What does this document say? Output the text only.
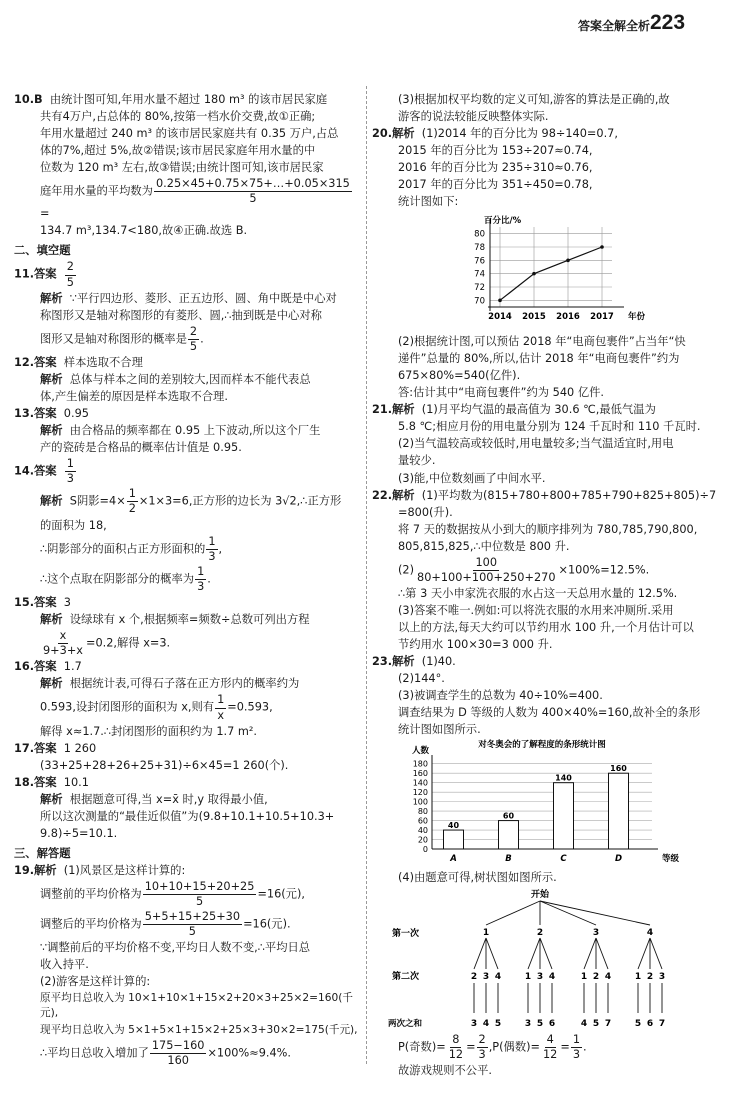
答案全解全析 223

10.B 由统计图可知,年用水量不超过 180 m³ 的该市居民家庭

共有4万户,占总体的 80%,按第一档水价交费,故①正确;

年用水量超过 240 m³ 的该市居民家庭共有 0.35 万户,占总

体的7%,超过 5%,故②错误;该市居民家庭年用水量的中

位数为 120 m³ 左右,故③错误;由统计图可知,该市居民家

庭年用水量的平均数为 $\frac{0.25\times 45+0.75\times 75+\dots+0.05\times 315}{5}$
=

134.7 m³,134.7<180,故④正确.故选 B.

二、填空题

11.答案 $\frac{2}{5}$

解析 ∵平行四边形、菱形、正五边形、圆、角中既是中心对

称图形又是轴对称图形的有菱形、圆,∴抽到既是中心对称

图形又是轴对称图形的概率是 $\frac{2}{5}$ .

12.答案 样本选取不合理

解析 总体与样本之间的差别较大,因而样本不能代表总

体,产生偏差的原因是样本选取不合理.

13.答案 0.95

解析 由合格品的频率都在 0.95 上下波动,所以这个厂生

产的瓷砖是合格品的概率估计值是 0.95.

14.答案 $\frac{1}{3}$

解析 S阴影$=4\times \frac{1}{2} \times 1\times 3=6$,正方形的边长为 3√2,∴正方形

的面积为 18,

∴阴影部分的面积占正方形面积的 $\frac{1}{3}$ ,

∴这个点取在阴影部分的概率为 $\frac{1}{3}$ .

15.答案 3

解析 设绿球有 x 个,根据频率=频数÷总数可列出方程

$\frac{x}{9+3+x} =0.2$,解得 x=3.

16.答案 1.7

解析 根据统计表,可得石子落在正方形内的概率约为

0.593,设封闭图形的面积为 x,则有 $\frac{1}{x} =0.593$,

解得 x≈1.7.∴封闭图形的面积约为 1.7 m².

17.答案 1 260

(33+25+28+26+25+31)÷6×45=1 260(个).

18.答案 10.1

解析 根据题意可得,当 x=x̄ 时,y 取得最小值,

所以这次测量的“最佳近似值”为(9.8+10.1+10.5+10.3+

9.8)÷5=10.1.

三、解答题

19.解析 (1)风景区是这样计算的:

调整前的平均价格为 $\frac{10+10+15+20+25}{5} =16$(元),

调整后的平均价格为 $\frac{5+5+15+25+30}{5} =16$(元).

∵调整前后的平均价格不变,平均日人数不变,∴平均日总

收入持平.

(2)游客是这样计算的:

原平均日总收入为 10×1+10×1+15×2+20×3+25×2=160(千元),

现平均日总收入为 5×1+5×1+15×2+25×3+30×2=175(千元),

∴平均日总收入增加了 $\frac{175-160}{160} \times 100\%\approx 9.4\%$.

(3)根据加权平均数的定义可知,游客的算法是正确的,故

游客的说法较能反映整体实际.

20.解析 (1)2014 年的百分比为 98÷140=0.7,

2015 年的百分比为 153÷207≈0.74,

2016 年的百分比为 235÷310≈0.76,

2017 年的百分比为 351÷450=0.78,

统计图如下:

70
72
74
76
78
80
百分比/%
2014 2015 2016 2017 年份

(2)根据统计图,可以预估 2018 年“电商包裹件”占当年“快

递件”总量的 80%,所以,估计 2018 年“电商包裹件”约为

675×80%=540(亿件).

答:估计其中“电商包裹件”约为 540 亿件.

21.解析 (1)月平均气温的最高值为 30.6 ℃,最低气温为

5.8 ℃;相应月份的用电量分别为 124 千瓦时和 110 千瓦时.

(2)当气温较高或较低时,用电量较多;当气温适宜时,用电

量较少.

(3)能,中位数刻画了中间水平.

22.解析 (1)平均数为(815+780+800+785+790+825+805)÷7

=800(升).

将 7 天的数据按从小到大的顺序排列为 780,785,790,800,

805,815,825,∴中位数是 800 升.

$(2) \frac{100}{80+100+100+250+270} \times 100\%=12.5\%$.

∴第 3 天小申家洗衣服的水占这一天总用水量的 12.5%.

(3)答案不唯一.例如:可以将洗衣服的水用来冲厕所.采用

以上的方法,每天大约可以节约用水 100 升,一个月估计可以

节约用水 100×30=3 000 升.

23.解析 (1)40.

(2)144°.

(3)被调查学生的总数为 40÷10%=400.

调查结果为 D 等级的人数为 400×40%=160,故补全的条形

统计图如图所示.

对冬奥会的了解程度的条形统计图
0
20
40
60
80
100
120
140
160
180
人数
等级
A	B	C	D
40
60
140
160

(4)由题意可得,树状图如图所示.

开始
第一次
第二次
两次之和
1
2
3
3
4
4
5
2
1
3
3
5
4
6
3
1
4
2
5
4
7
4
1
5
2
6
3
7

P(奇数)= $\frac{8}{12} = \frac{2}{3} ,P$(偶数)= $\frac{4}{12} = \frac{1}{3}$ .

故游戏规则不公平.
